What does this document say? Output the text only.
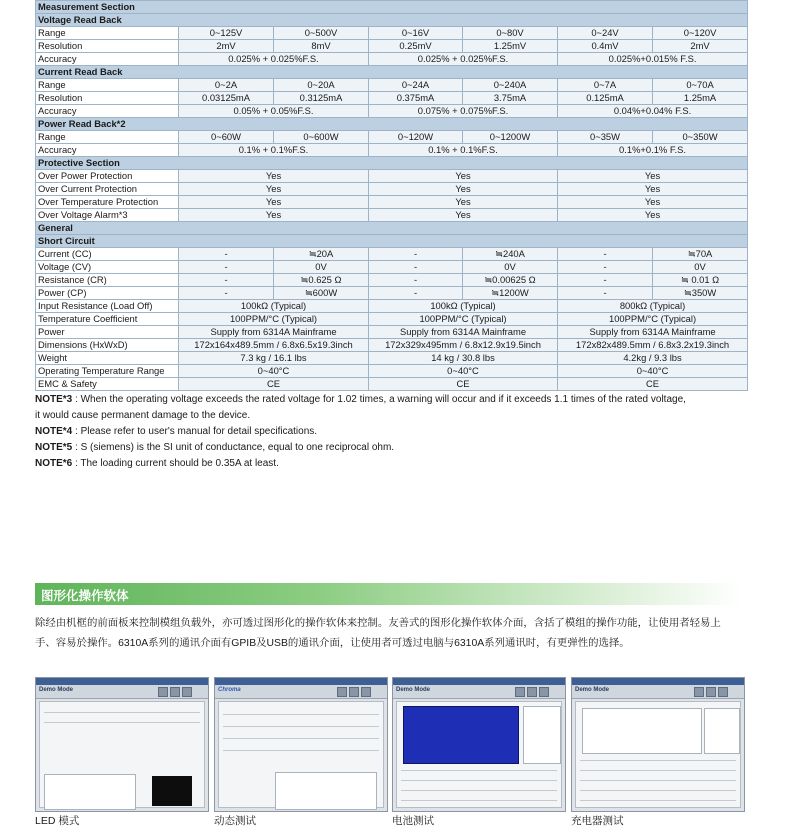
Measurement Section						
Voltage Read Back						
Range	0~125V	0~500V	0~16V	0~80V	0~24V	0~120V
Resolution	2mV	8mV	0.25mV	1.25mV	0.4mV	2mV
Accuracy	0.025% + 0.025%F.S.		0.025% + 0.025%F.S.		0.025%+0.015% F.S.	
Current Read Back						
Range	0~2A	0~20A	0~24A	0~240A	0~7A	0~70A
Resolution	0.03125mA	0.3125mA	0.375mA	3.75mA	0.125mA	1.25mA
Accuracy	0.05% + 0.05%F.S.		0.075% + 0.075%F.S.		0.04%+0.04% F.S.	
Power Read Back*2						
Range	0~60W	0~600W	0~120W	0~1200W	0~35W	0~350W
Accuracy	0.1% + 0.1%F.S.		0.1% + 0.1%F.S.		0.1%+0.1% F.S.	
Protective Section						
Over Power Protection	Yes		Yes		Yes	
Over Current Protection	Yes		Yes		Yes	
Over Temperature Protection	Yes		Yes		Yes	
Over Voltage Alarm*3	Yes		Yes		Yes	
General						
Short Circuit						
Current (CC)	-	≒20A	-	≒240A	-	≒70A
Voltage (CV)	-	0V	-	0V	-	0V
Resistance (CR)	-	≒0.625 Ω	-	≒0.00625 Ω	-	≒ 0.01 Ω
Power (CP)	-	≒600W	-	≒1200W	-	≒350W
Input Resistance (Load Off)	100kΩ (Typical)		100kΩ (Typical)		800kΩ (Typical)	
Temperature Coefficient	100PPM/°C (Typical)		100PPM/°C (Typical)		100PPM/°C (Typical)	
Power	Supply from 6314A Mainframe		Supply from 6314A Mainframe		Supply from 6314A Mainframe	
Dimensions (HxWxD)	172x164x489.5mm / 6.8x6.5x19.3inch		172x329x495mm / 6.8x12.9x19.5inch		172x82x489.5mm / 6.8x3.2x19.3inch	
Weight	7.3 kg / 16.1 lbs		14 kg / 30.8 lbs		4.2kg / 9.3 lbs	
Operating Temperature Range	0~40°C		0~40°C		0~40°C	
EMC & Safety	CE		CE		CE	

NOTE*3 : When the operating voltage exceeds the rated voltage for 1.02 times, a warning will occur and if it exceeds 1.1 times of the rated voltage,

it would cause permanent damage to the device.

NOTE*4 : Please refer to user's manual for detail specifications.

NOTE*5 : S (siemens) is the SI unit of conductance, equal to one reciprocal ohm.

NOTE*6 : The loading current should be 0.35A at least.

图形化操作软体
除经由机框的前面板来控制模组负载外，亦可透过图形化的操作软体来控制。友善式的图形化操作软体介面，含括了模组的操作功能，让使用者轻易上
手、容易於操作。6310A系列的通讯介面有GPIB及USB的通讯介面，让使用者可透过电脑与6310A系列通讯时，有更弹性的选择。
Demo Mode	Chroma	Demo Mode	Demo Mode
LED 模式	动态测试	电池测试	充电器测试
